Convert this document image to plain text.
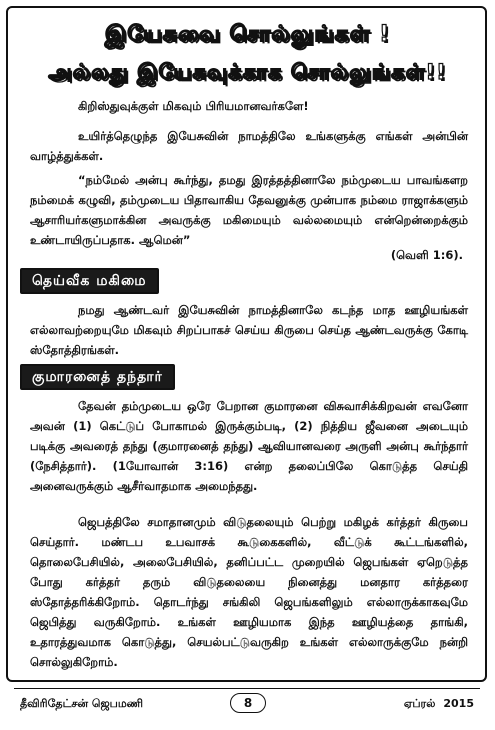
இயேசுவை சொல்லுங்கள் !
அல்லது இயேசுவுக்காக சொல்லுங்கள்!!
கிறிஸ்துவுக்குள் மிகவும் பிரியமானவர்களே!
உயிர்த்தெழுந்த இயேசுவின் நாமத்திலே உங்களுக்கு எங்கள் அன்பின் வாழ்த்துக்கள்.
“நம்மேல் அன்பு கூர்ந்து, தமது இரத்தத்தினாலே நம்முடைய பாவங்களற நம்மைக் கழுவி, தம்முடைய பிதாவாகிய தேவனுக்கு முன்பாக நம்மை ராஜாக்களும் ஆசாரியர்களுமாக்கின அவருக்கு மகிமையும் வல்லமையும் என்றென்றைக்கும் உண்டாயிருப்பதாக. ஆமென்”
(வெளி 1:6).
தெய்வீக மகிமை
நமது ஆண்டவர் இயேசுவின் நாமத்தினாலே கடந்த மாத ஊழியங்கள் எல்லாவற்றையுமே மிகவும் சிறப்பாகச் செய்ய கிருபை செய்த ஆண்டவருக்கு கோடி ஸ்தோத்திரங்கள்.
குமாரனைத் தந்தார்
தேவன் தம்முடைய ஒரே பேறான குமாரனை விசுவாசிக்கிறவன் எவனோ அவன் (1) கெட்டுப் போகாமல் இருக்கும்படி, (2) நித்திய ஜீவனை அடையும் படிக்கு அவரைத் தந்து (குமாரனைத் தந்து) ஆவியானவரை அருளி அன்பு கூர்ந்தார் (நேசித்தார்). (1யோவான் 3:16) என்ற தலைப்பிலே கொடுத்த செய்தி அனைவருக்கும் ஆசீர்வாதமாக அமைந்தது.
ஜெபத்திலே சமாதானமும் விடுதலையும் பெற்று மகிழக் கர்த்தர் கிருபை செய்தார். மண்டப உபவாசக் கூடுகைகளில், வீட்டுக் கூட்டங்களில், தொலைபேசியில், அலைபேசியில், தனிப்பட்ட முறையில் ஜெபங்கள் ஏறெடுத்த போது கர்த்தர் தரும் விடுதலையை நினைத்து மனதார கர்த்தரை ஸ்தோத்தரிக்கிறோம். தொடர்ந்து சங்கிலி ஜெபங்களிலும் எல்லாருக்காகவுமே ஜெபித்து வருகிறோம். உங்கள் ஊழியமாக இந்த ஊழியத்தை தாங்கி, உதாரத்துவமாக கொடுத்து, செயல்பட்டுவருகிற உங்கள் எல்லாருக்குமே நன்றி சொல்லுகிறோம்.
தீவிரிதேட்சன் ஜெபமணி	8	ஏப்ரல் 2015
